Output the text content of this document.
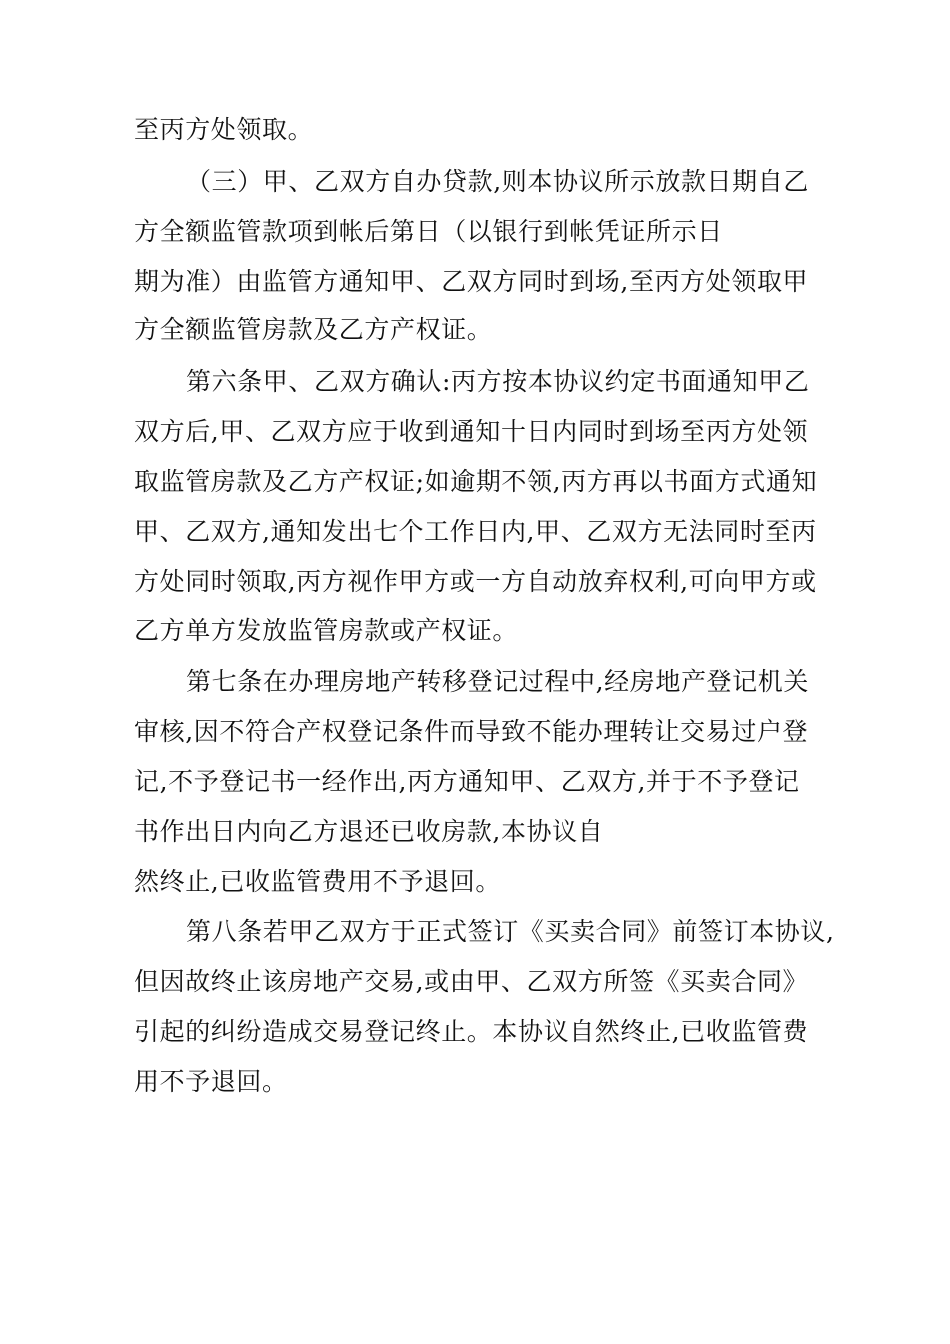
至丙方处领取。
（三）甲、乙双方自办贷款,则本协议所示放款日期自乙
方全额监管款项到帐后第日（以银行到帐凭证所示日
期为准）由监管方通知甲、乙双方同时到场,至丙方处领取甲
方全额监管房款及乙方产权证。
第六条甲、乙双方确认:丙方按本协议约定书面通知甲乙
双方后,甲、乙双方应于收到通知十日内同时到场至丙方处领
取监管房款及乙方产权证;如逾期不领,丙方再以书面方式通知
甲、乙双方,通知发出七个工作日内,甲、乙双方无法同时至丙
方处同时领取,丙方视作甲方或一方自动放弃权利,可向甲方或
乙方单方发放监管房款或产权证。
第七条在办理房地产转移登记过程中,经房地产登记机关
审核,因不符合产权登记条件而导致不能办理转让交易过户登
记,不予登记书一经作出,丙方通知甲、乙双方,并于不予登记
书作出日内向乙方退还已收房款,本协议自
然终止,已收监管费用不予退回。
第八条若甲乙双方于正式签订《买卖合同》前签订本协议,
但因故终止该房地产交易,或由甲、乙双方所签《买卖合同》
引起的纠纷造成交易登记终止。本协议自然终止,已收监管费
用不予退回。
